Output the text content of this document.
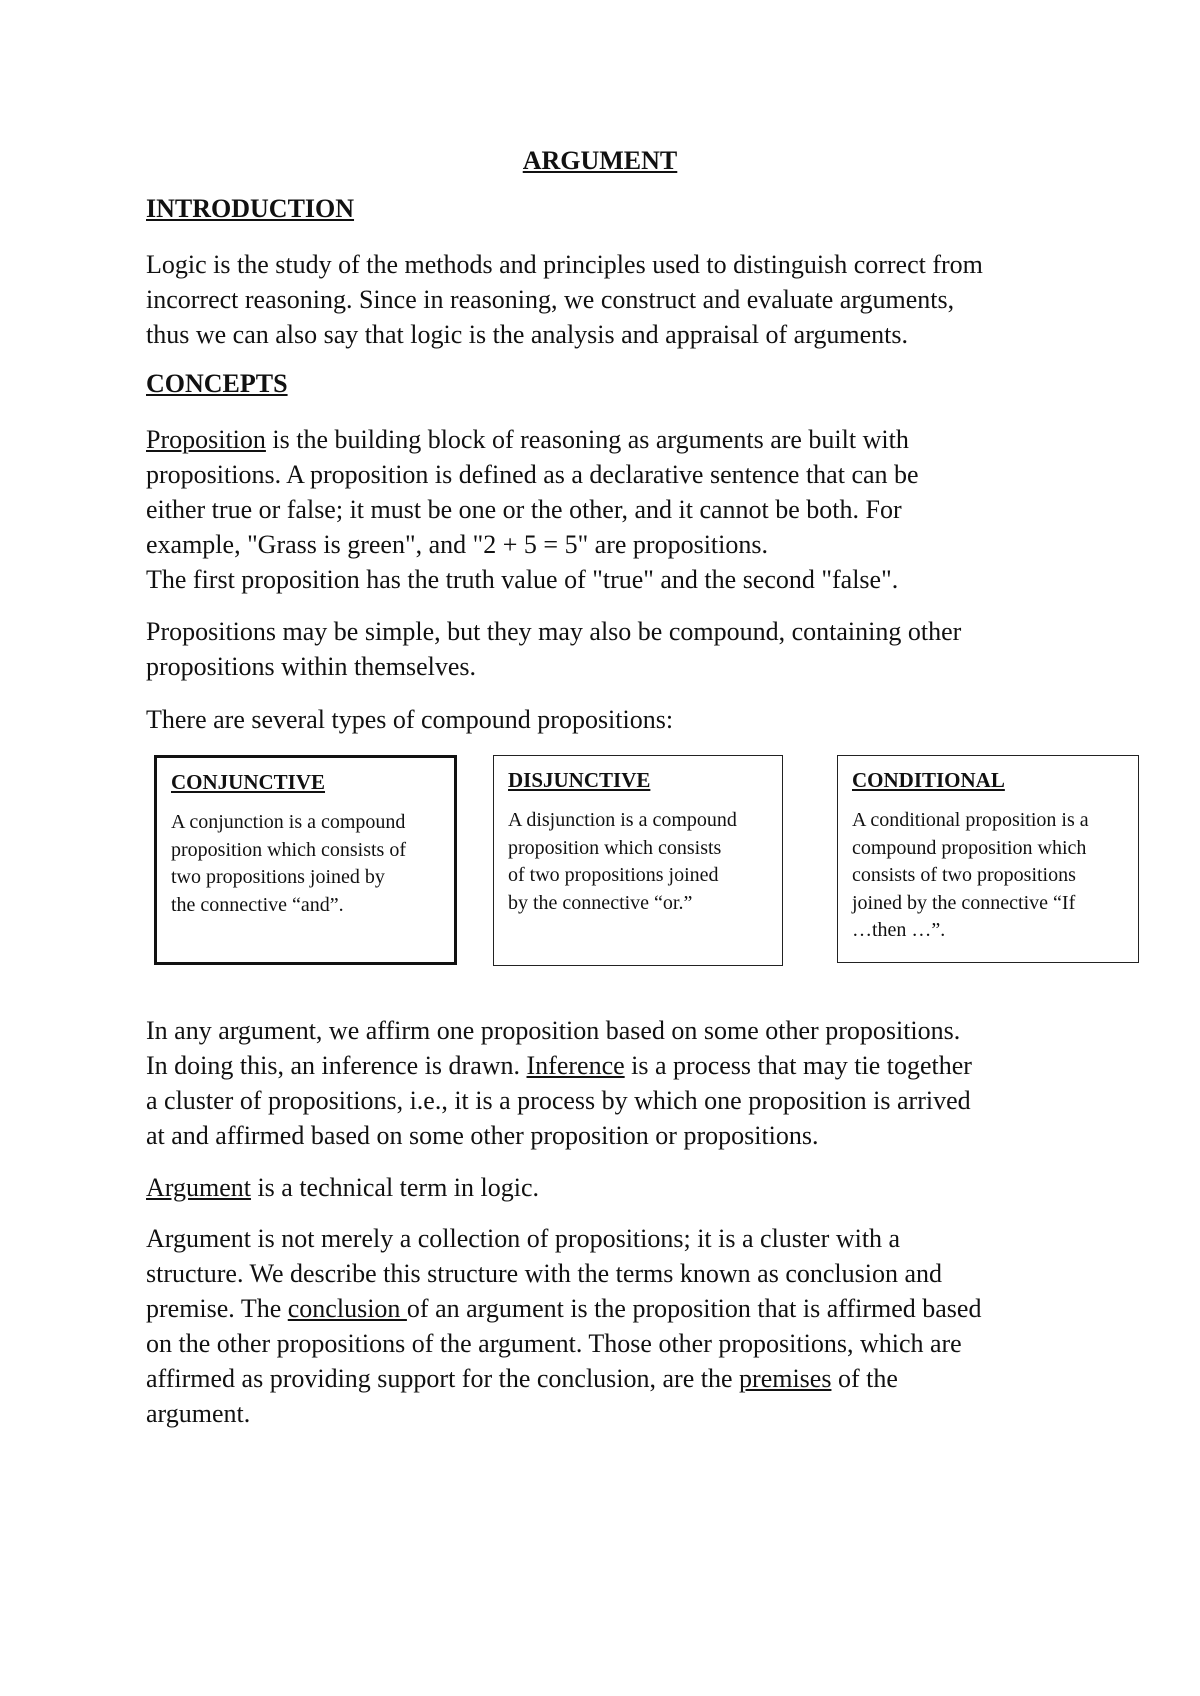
ARGUMENT
INTRODUCTION

Logic is the study of the methods and principles used to distinguish correct from
incorrect reasoning. Since in reasoning, we construct and evaluate arguments,
thus we can also say that logic is the analysis and appraisal of arguments.

CONCEPTS

Proposition is the building block of reasoning as arguments are built with
propositions. A proposition is defined as a declarative sentence that can be
either true or false; it must be one or the other, and it cannot be both. For
example, "Grass is green", and "2 + 5 = 5" are propositions.
The first proposition has the truth value of "true" and the second "false".

Propositions may be simple, but they may also be compound, containing other
propositions within themselves.

There are several types of compound propositions:

CONJUNCTIVE

A conjunction is a compound
proposition which consists of
two propositions joined by
the connective “and”.

DISJUNCTIVE

A disjunction is a compound
proposition which consists
of two propositions joined
by the connective “or.”

CONDITIONAL

A conditional proposition is a
compound proposition which
consists of two propositions
joined by the connective “If
…then …”.

In any argument, we affirm one proposition based on some other propositions.
In doing this, an inference is drawn. Inference is a process that may tie together
a cluster of propositions, i.e., it is a process by which one proposition is arrived
at and affirmed based on some other proposition or propositions.

Argument is a technical term in logic.

Argument is not merely a collection of propositions; it is a cluster with a
structure. We describe this structure with the terms known as conclusion and
premise. The conclusion of an argument is the proposition that is affirmed based
on the other propositions of the argument. Those other propositions, which are
affirmed as providing support for the conclusion, are the premises of the
argument.
